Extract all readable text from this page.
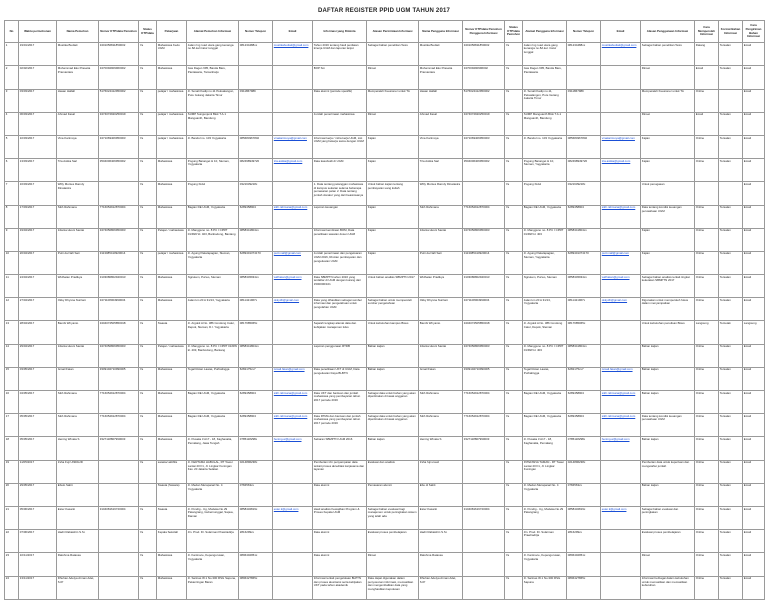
DAFTAR REGISTER PPID UGM TAHUN 2017
No	Waktu permohonan	Nama Pemohon	Nomor KTP/data Pemohon	Status KTP/data	Pekerjaan	Alamat Pemohon Informasi	Nomor Telepon	Email	Informasi yang Diminta	Alasan Permintaan Informasi	Nama Pengguna Informasi	Nomor KTP/data Pemohon Pengguna Informasi	Status KTP/data Pemohon	Alamat Pengguna Informasi	Nomor Telepon	Email	Alasan Penggunaan Informasi	Cara Memperoleh Informasi	Format Bahan Informasi	Cara Pengiriman Bahan Informasi
1	19/01/2017	Mustika Budiati	3401056811850002	Ya	Mahasiswa Kedo UGM	Jalan ring road utara gang kenanga no.8A kel.Catur tunggal	081234488xx	mustikabudiati@gmail.com	Tahun 2016 tentang hasil penilaian kinerja UGM dan laporan lanjut	Sebagai bahan penelitian Tesis	Mustika Budiati	3401056811850002	Ya	Jalan ring road utara gang kenanga no.8A kel. Catur tunggal	081234488xx	mustikabudiati@gmail.com	Sebagai bahan penelitian Tesis	Datang	Tersalan	Email
2	02/02/2017	Muhammad Eko Prasetia Pramantara	3470092909960002	Ya	Mahasiswa	Gas Dagen 695, Banda Baru, Pantaiasrie, Tamanharjo			BOP Sm	Rinset	Muhammad Eko Prasetia Pramantara	347009290996002	Ya	Gas Dagen 695, Banda Baru, Pantaiasrie			Rinset	Email	Tersalan	Email
3	03/03/2017	Hasan Hallah	5176024412950002	Ya	pelajar / mahasiswa	Jl. Sonali Kadip no.11 Pekualangon, Pure Gutang Jakarta Timur	0311867989		Data alumni (periode spesifik)	Memperaleh Kuesioner untuk TA	Hasan Hallah	5176024412950002	Ya	Jl. Sonali Kadip no.11, Pekualangon, Pure Gutang Jakarta Timur	0311867989		Memperaleh Kuesioner untuk TA	Online		Email
4	06/03/2017	Ahmad Fasal	3474072920250019	Ya	pelajar / mahasiswa	SUMP Sungunjenti Blok T.A.1 Manguanth, Bandung			Jumlah penerimaan mahasiswa	Rinset	Ahmad Fasal	3474072920250019	Ya	SUMP Manguanth Blok T.A.1 Manguanth, Bandung			Rinset	Email	Tersalan	Email
5	10/03/2017	Vina Karimoya	3471069406950003	Ya	pelajar / mahasiswa	Jl. Bandul no. 103 Yogyakarta	085684967840	vinakarimoya@gmail.com	Informasi kerja / mitra kerja UGM, List UGM yang bekerja sama dengan UGM	Kajian	Vina Karimoya	3471069406950003	Ya	Jl. Bandul no. 103 Yogyakarta	085684967840	vinakarimoya@gmail.com	Kajian	Online	Tersalan	Email
6	13/03/2017	Tria Astika Sari	3504006406950002	Ya	Mahasiswa	Pogung Baranget H 10, Sleman, Yogyakarta	082498949720	tria.astika@gmail.com	Data kasubsidi di UGM	Kajian	Tria Astika Sari	3504006406950002	Ya	Pogung Baranget H 10, Sleman, Yogyakarta	082498949720	tria.astika@gmail.com	Kajian	Online	Tersalan	Email
7	16/03/2017	Willy Montes Ramdy Dinatastra		Ya	Mahasiswa	Pogung Kidul	0321639218x		1. Data tentang pelanggan mahasiswa di kampus sekaran selama beberapa pemasaran pelan 2. Data tentang jumlah donatur yang dari beasiswanya	Untuk bahan kajian tentang pembayaran uang kuliah	Willy Montes Ramdy Dinatastra		Ya	Pogung Kidul	0321639218x		Untuk penugasan			Email
8	17/03/2017	Sikh Rahmana	7716052912870004	Ya	Mahasiswa	Bagian DE UGM, Yogyakarta	6289458904	sikh.rahmana@gmail.com	Laporan keuangan	Kajian	Sikh Rahmana	7716052912870004	Ya	Bagian DE UGM, Yogyakarta	6289458904	sikh.rahmana@gmail.com	Data tentang kondisi keuangan perusahaan UGM	Online	Tersalan	Email
9	19/04/2017	Irdanta Husni Santai	3474050806950003	Ya	Pelajar / mahasiswa	Jl. Mangguno no. 8 PC I CPRT 01/RW/ kl. 403, Banbodong, Bantang	0858341804xx		Informasi kemitraan BOM, Data penelitiaan sasaran dosen UGM	Kajian	Irdanta Husni Santai	3474050806950003	Ya	Jl. Mangguno no. 8 PC I CPRT 01/RW kl. 403	0858341804xx		Kajian	Online	Tersalan	Email
10	20/04/2017	Putri da Nafi Sati	3113085410920014	Ya	pelajar / mahasiswa	Jl. Agung Pakelapagian, Sleman, Yogyakarta	6289401374170	putri.nafi@gmail.com	Jumlah penerimaan dan pengeluaran UGM 2016, Rincian pembayaran dan pengeluaran UGM	Kajian	Putri da Nafi Sati	3113085410920014	Ya	Jl. Agung Pakelapagian, Sleman, Yogyakarta	6289401374170	putri.nafi@gmail.com	Kajian	Online	Tersalan	Email
11	24/04/2017	Widhatan Pradikya	3103080802940013	Ya	Mahasiswa	Ngrukem, Purwo, Sleman	0858345934xx	widhatan@gmail.com	Data SBMPTN tahun 2016 yang terdaftar di UGM dengan kurang dari 1500000/101	Untuk bahan analisis SBMPTN 2017	Widhatan Pradikya	3103080802940013	Ya	Ngrukem, Purwo, Sleman	0858345934xx	widhatan@gmail.com	Sebagai bahan analisis terkait tingkat keketatan SBMPTN 2017	Online	Tersalan	Email
12	27/04/2017	Okky Dhysna Nurriani	3471108004990004	Ya	Mahasiswa	Jalan km 20 A 31/13, Yogyakarta	0811421967x	okkydh@gmail.com	Data yang dihasilkan sebagai sumber informasi dan pengetahuan untuk pengolahan UGM	Sebagai bahan untuk memperoleh sumber pengetahuan	Okky Dhysna Nurriani	3471108004990004	Ya	Jalan km 20 A 31/13, Yogyakarta	0811421967x	okkydh@gmail.com	Digunakan untuk memperoleh fokus dalam menyampaikan	Online	Tersalan	Email
13	28/04/2017	Bambi Wiryanto	3404072505850018	Ya	Swasta	Jl. Argokti A No. 386 Condong Catur, Depok, Sleman, D.I. Yogyakarta	0817685065x		Sejarah lengkap alamat data dan kebijakan manajemen lulus	Untuk kebutuhan kampus Bisus	Bambi Wiryanto	3404072505850018	Ya	Jl. Argokti A No. 386 Condong Catur, Depok, Sleman	0817685065x		Untuk kebutuhan penulisan Bisus	Langsung	Tercetak	Langsung
14	29/04/2017	Irdanta Husni Santai	3474050806950003	Ya	Pelajar / mahasiswa	Jl. Mangguno no. 8 PC I CPRT 01/RW kl. 403, Banbodong, Bantang	0858341804xx		Laporan penggunaan RTDB	Bahan kajian	Irdanta Husni Santai	3474050806950003	Ya	Jl. Mangguno no. 8 PC I CPRT 01/RW kl. 403	0858341804xx		Bahan kajian	Online	Tersalan	Email
15	03/05/2017	Ismail Fatan	3309102710990005	Ya	Mahasiswa	Tegal Rotan Lawas, Purbalingga	6282175xx7	ismail.fatan@gmail.com	Data penelitiaan UKT di UGM, Data pengeluaran biaya BLBTN	Bahan kajian	Ismail Fatan	3309102710990005	Ya	Tegal Rotan Lawas, Purbalingga	6282175xx7	ismail.fatan@gmail.com	Bahan kajian	Online	Tersalan	Email
16	04/05/2017	Sikh Rahmana	7716052912870004	Ya	Mahasiswa	Bagian DE UGM, Yogyakarta	6289458904	sikh.rahmana@gmail.com	Data UKT dan bantuan dan jumlah mahasiswa yang pembayaran tahun 2017 periode 2016	Sebagai data untuk bahan yang akan diperkirakan di kasat anggaran	Sikh Rahmana	7716052912870004	Ya	Bagian DE UGM, Yogyakarta	6289458904	sikh.rahmana@gmail.com	Bahan kajian	Online	Tersalan	Email
17	05/05/2017	Sikh Rahmana	7716052912870004	Ya	Mahasiswa	Bagian DE UGM, Yogyakarta	6289458904	sikh.rahmana@gmail.com	Data RTMA dan bantuan dan jumlah mahasiswa yang pembayaran tahun 2017 periode 2016	Sebagai data untuk bahan yang akan diperkirakan di kasat anggaran	Sikh Rahmana	7716052912870004	Ya	Bagian DE UGM, Yogyakarta	6289458904	sikh.rahmana@gmail.com	Data tentang kondisi keuangan perusahaan UGM	Online	Tersalan	Email
18	05/05/2017	Hening Winata S	3327118807990003	Ya	Mahasiswa	Jl. Pusaka 3 A17 - 18, Kaghanalia, Pemalang, Jawa Tengah	0785118298x	hening.w@gmail.com	Sebaran SBMPTN UGM 2016	Bahan kajian	Hening Winata S	3327118807990003	Ya	Jl. Pusaka 3 A17 - 18, Kaghanalia, Pemalang	0785118298x	hening.w@gmail.com	Bahan kajian	Online	Tersalan	Email
19	11/05/2017	Irsha Fuji UNRAUD		Ya	swasta/ aktifitis	Jl. KERTAMA HABULAL, RT Tower Lantai 20 F1, Jl. Lingkar Kuningan Kav. 20 Jakarta Selatan	0214896238x		Pemberian izin penyampaian data terkait proses akreditasi kerjasama dan layanan	Evaluasi dan analisis	Irsha fuji uraud		Ya	INTENSIVA TAMAN - RT Tower Lantai 20 F1, Jl. Lingkar Kuningan	0214896238x		Pemberian data untuk keperluan dan mengetahui jumlah	Online	Tersalan	Email
20	29/05/2017	Ebulo Sabit			Swasta (Swasta)	Jl. Medan Merapanal No. 4 Yogyakarta	0784563xx		Data alumni	Pemasaran alumni	Ebu di Sabit		Ya	Jl. Medan Merapanal No. 4 Yogyakarta	0784563xx		Bahan kajian	Online	Tersalan	Email
21	05/06/2017	Ester Kasanti	3104081616720004	Ya	Swasta	Jl. Pondig - Ug, Mudeka No.29 Patangrang, Gubernunggal, Sapua, Daman	0858432819x	ester.k@gmail.com	Hasil analisis Kewajiban Program & Proses Kepala UGM	Sebagai bahan evaluasi bagi manajemen untuk peningkatan sistem yang telah ada	Ester Kasanti	3104081616720004	Ya	Jl. Pondig - Ug, Mudeka No.29 Patangrang	0858432819x	ester.k@gmail.com	Sebagai bahan evaluasi dan peningkatan	Online	Tersalan	Email
22	07/06/2017	Hadri Rabaishin S.Si.		Ya	Kepala Sekolah	Jln. Prod. Dr. Sularman Prawiradirja	2816299xx		Data alumni	Evaluasi proses pembelajaran	Hadri Rabaishin S.Si.		Ya	Jln. Prod. Dr. Sularman Prawiradirja	2816299xx		Evaluasi proses pembelajaran	Online	Tersalan	Email
23	10/11/2017	Ratshma Ratassa		Ya	Mahasiswa	Jl. Kantnoce, Kepengurusan, Yogyakarta	0896402951x		Data alumni	Rinset	Ratshma Ratassa		Ya	Jl. Kantnoce, Kepengurusan, Yogyakarta	0896402951x		Rinset	Online	Tersalan	Email
24	13/11/2017	Dhuhan Adetya Arman Adet, S.IP		Ya	Mahasiswa	Jl. Sarinas W.1 No.300 RSG Sapuna, Pekanringan Baran	0896427865x		Informasi terkait pengelolaan BLPTN dan proses akuntansi serta kebijakan UKT pada tahun akademik	Data dapat digunakan dalam penyusunan informasi, memastikan dan mengembalikan data yang menghasilkan keputusan	Dhuhan Adetya Arman Adet, S.IP		Ya	Jl. Sarinas W.1 No.300 RSG Sapuna	0896427865x		Informasi berbagai dalam kebutuhan untuk memastikan dan memastikan kebutuhan	Online	Tersalan	Email
